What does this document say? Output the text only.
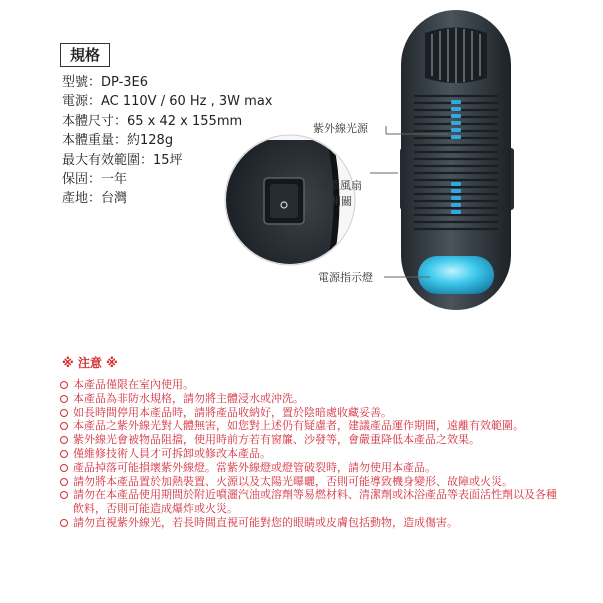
規格
型號：DP-3E6
電源：AC 110V / 60 Hz , 3W max
本體尺寸：65 x 42 x 155mm
本體重量：約128g
最大有效範圍：15坪
保固：一年
產地：台灣
紫外線光源
循環風扇
開關
電源指示燈
※ 注意 ※
本產品僅限在室內使用。
本產品為非防水規格，請勿將主體浸水或沖洗。
如長時間停用本產品時，請將產品收納好，置於陰暗處收藏妥善。
本產品之紫外線光對人體無害，如您對上述仍有疑慮者，建議產品運作期間，遠離有效範圍。
紫外線光會被物品阻擋，使用時前方若有窗簾、沙發等，會嚴重降低本產品之效果。
僅維修技術人員才可拆卸或修改本產品。
產品掉落可能損壞紫外線燈。當紫外線燈或燈管破裂時，請勿使用本產品。
請勿將本產品置於加熱裝置、火源以及太陽光曝曬，否則可能導致機身變形、故障或火災。
請勿在本產品使用期間於附近噴灑汽油或溶劑等易燃材料、清潔劑或沐浴產品等表面活性劑以及各種飲料，否則可能造成爆炸或火災。
請勿直視紫外線光，若長時間直視可能對您的眼睛或皮膚包括動物，造成傷害。
